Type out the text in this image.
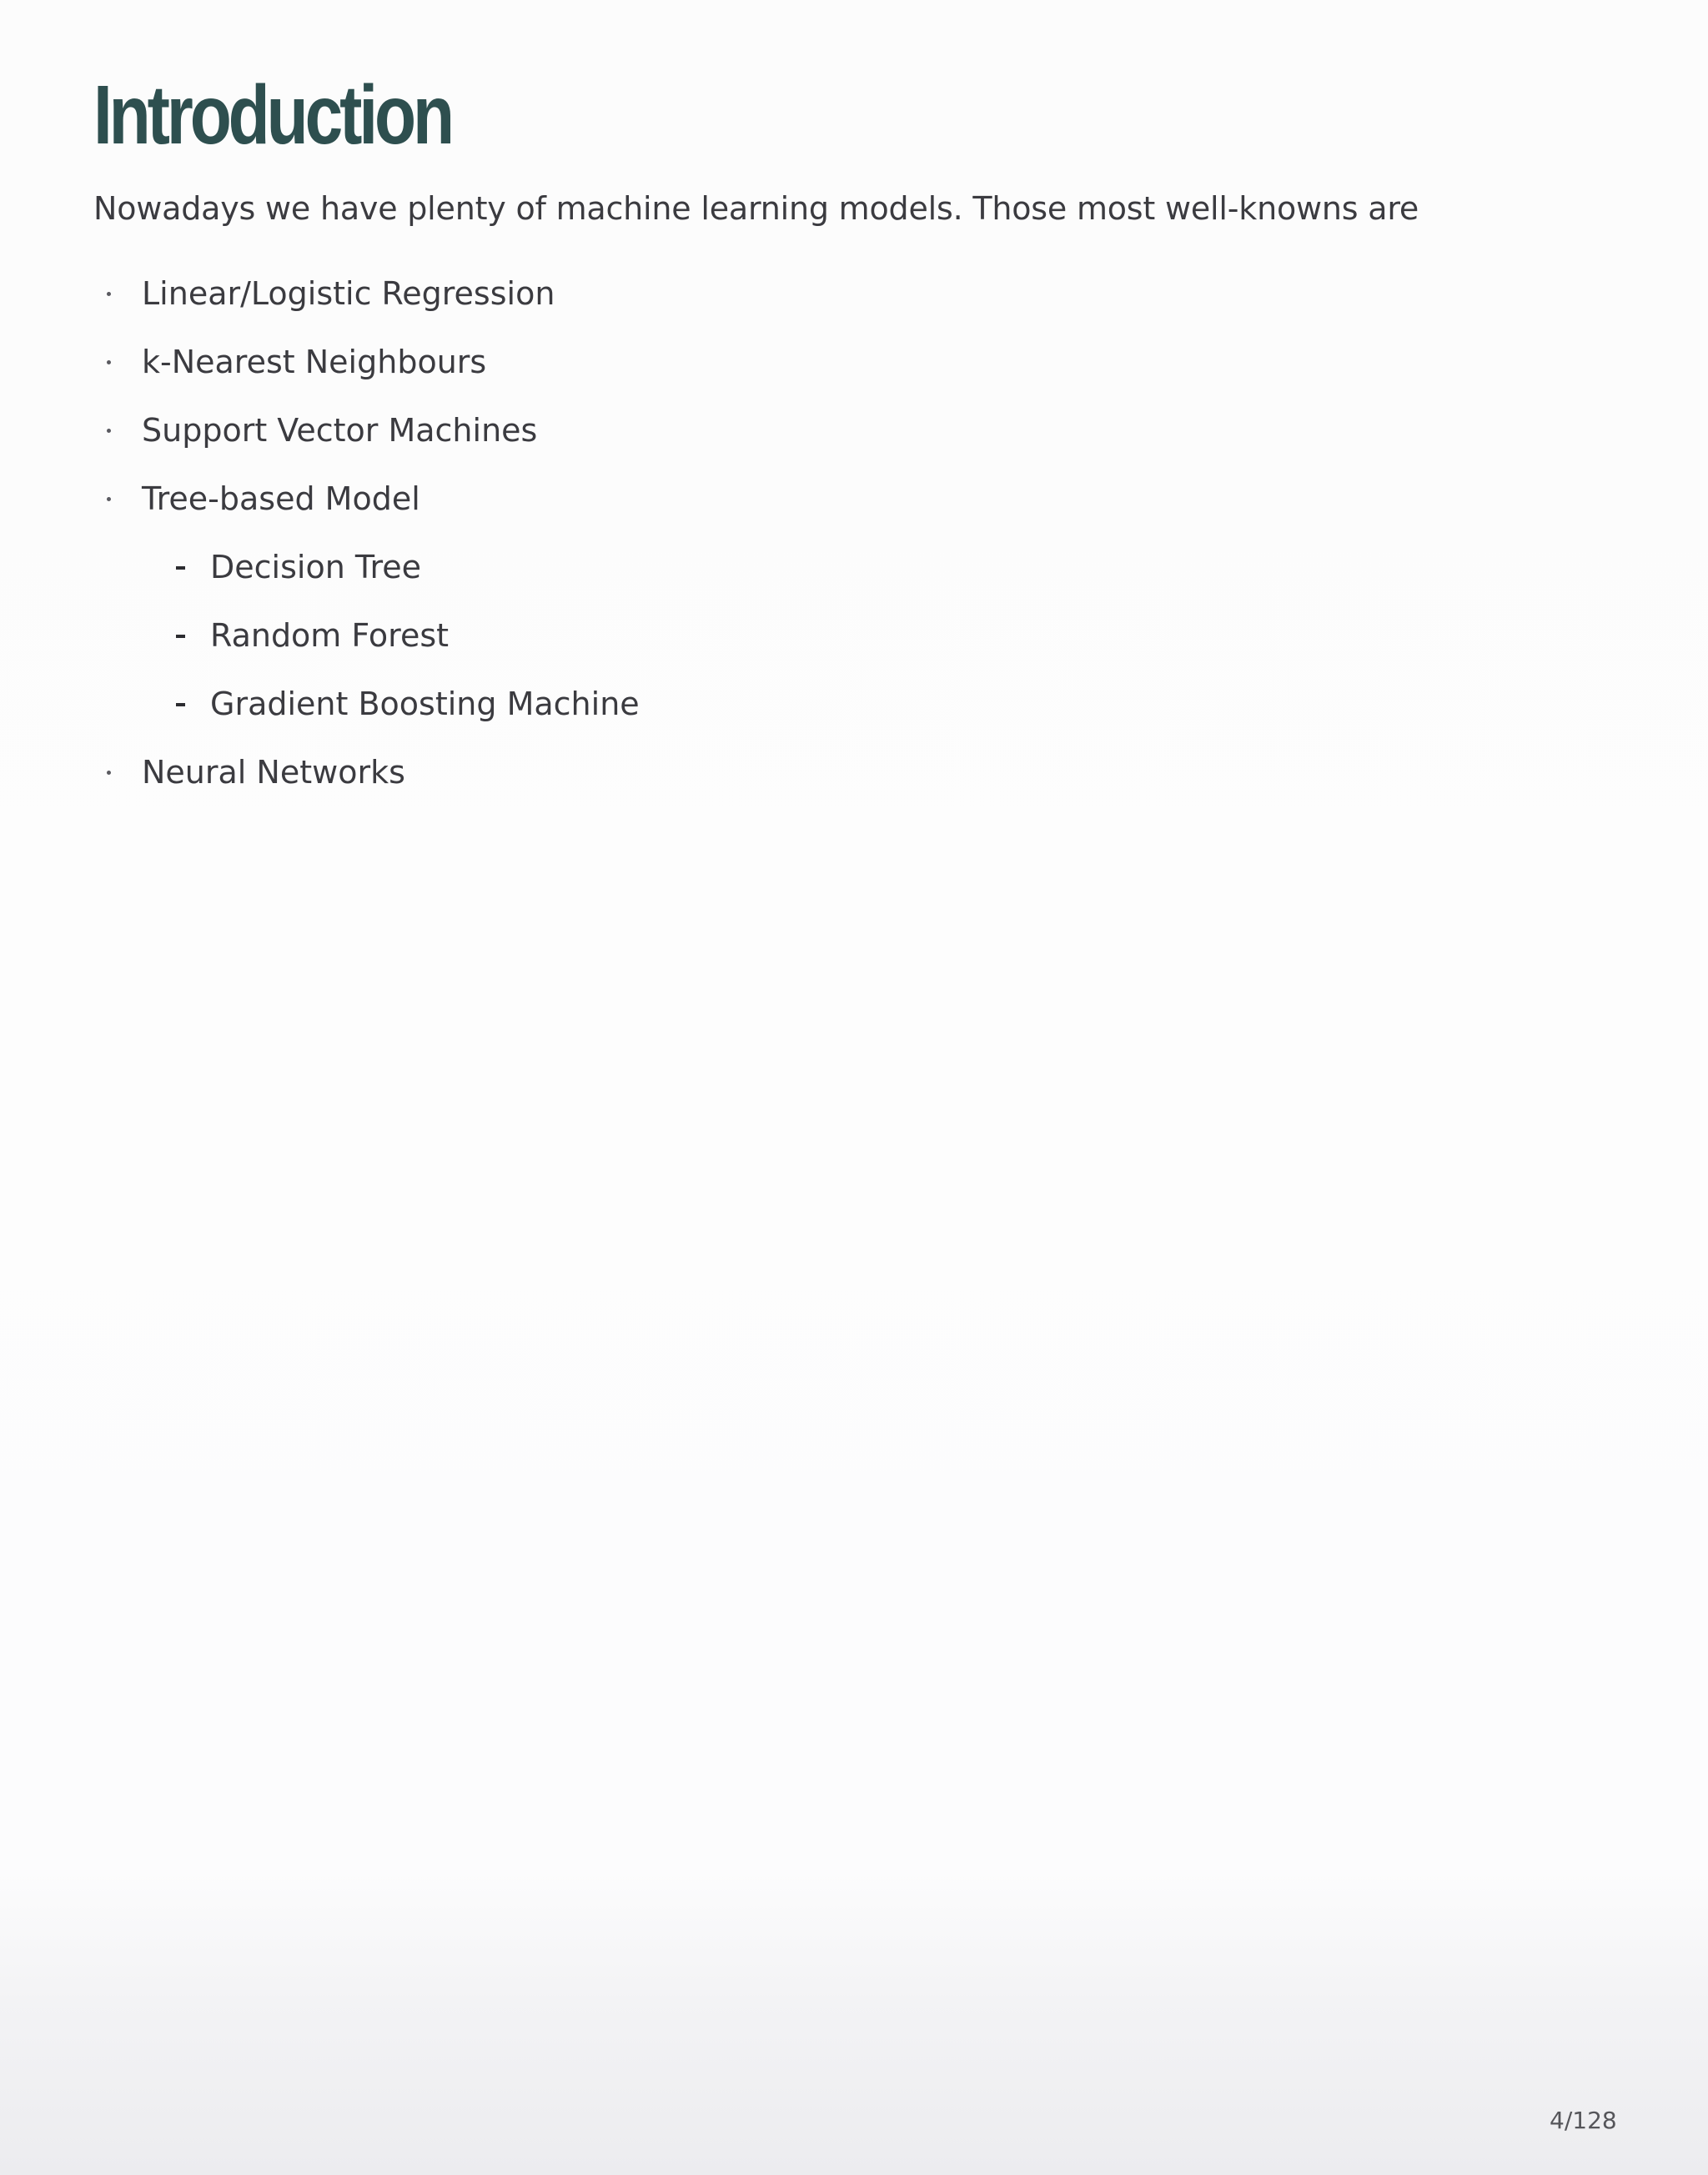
Introduction

Nowadays we have plenty of machine learning models. Those most well-knowns are

Linear/Logistic Regression
k-Nearest Neighbours
Support Vector Machines
Tree-based Model
Decision Tree
Random Forest
Gradient Boosting Machine
Neural Networks
4/128
